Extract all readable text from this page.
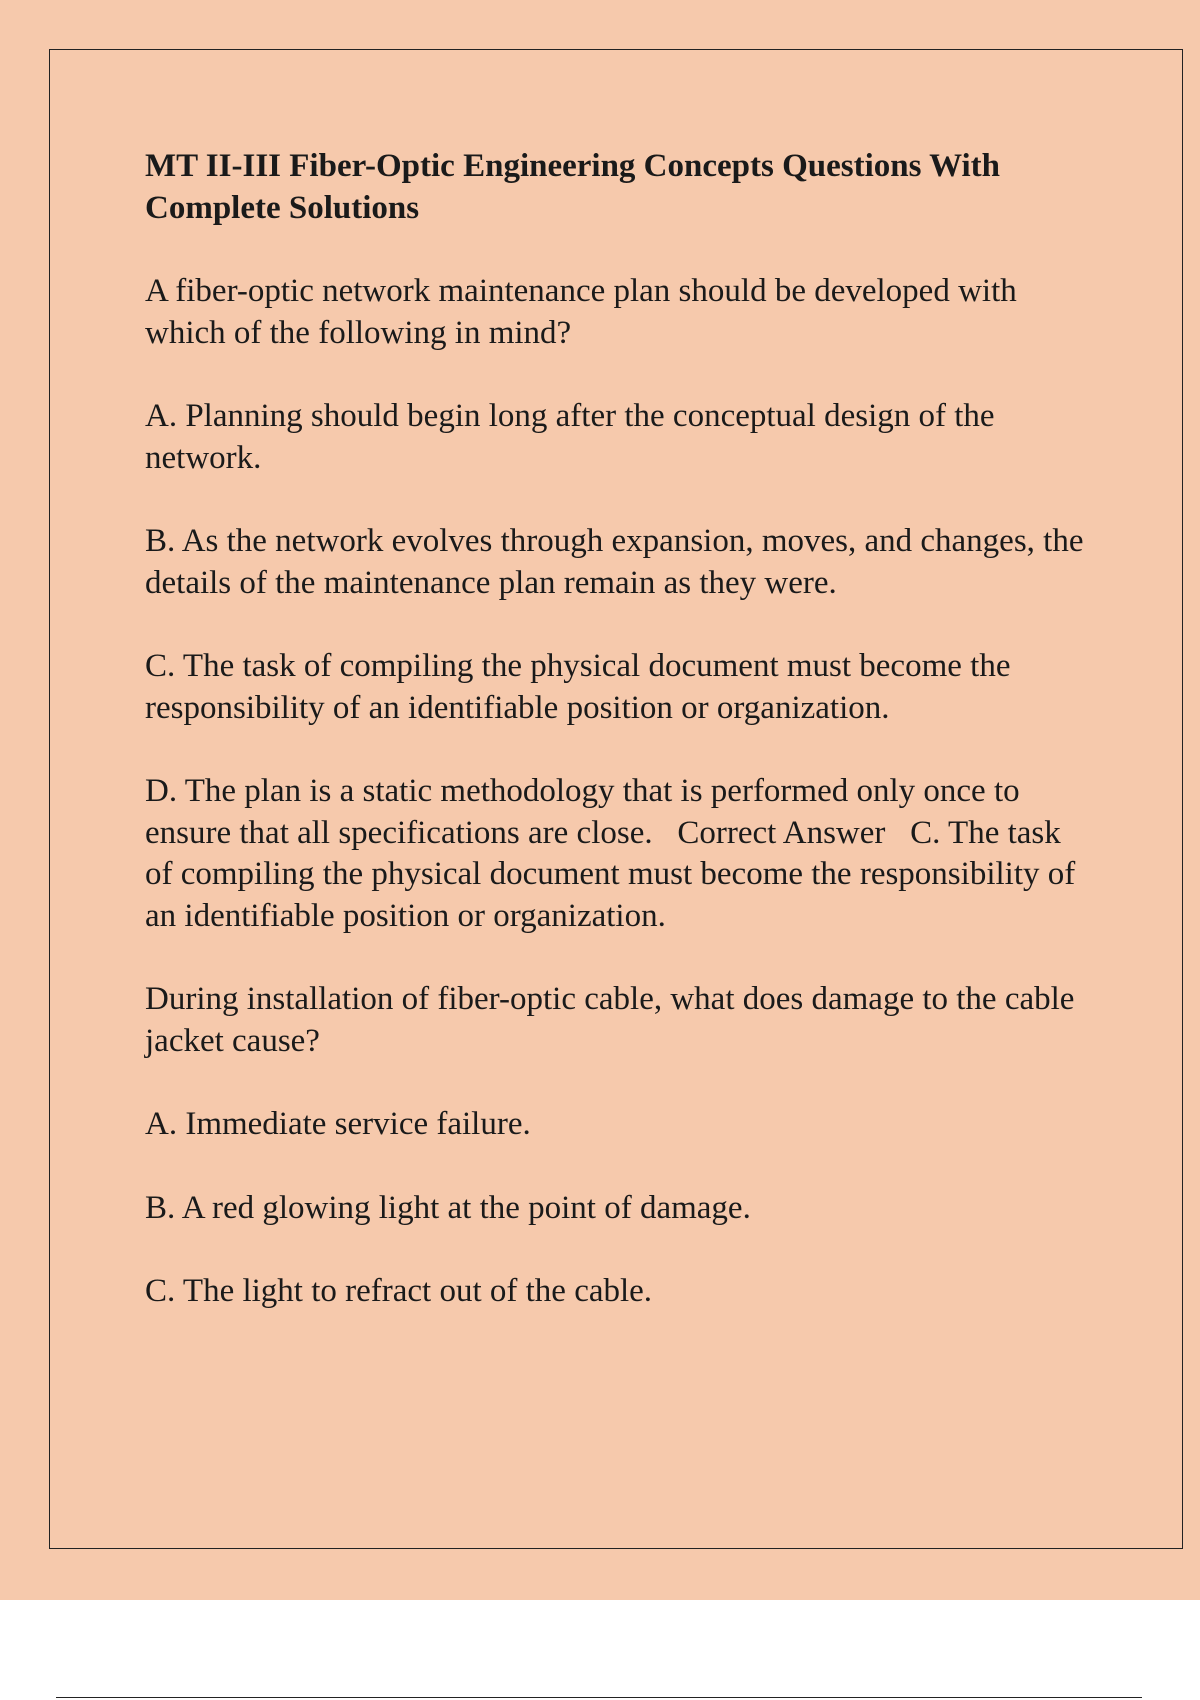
MT II-III Fiber-Optic Engineering Concepts Questions With Complete Solutions

A fiber-optic network maintenance plan should be developed with which of the following in mind?

A. Planning should begin long after the conceptual design of the network.

B. As the network evolves through expansion, moves, and changes, the details of the maintenance plan remain as they were.

C. The task of compiling the physical document must become the responsibility of an identifiable position or organization.

D. The plan is a static methodology that is performed only once to ensure that all specifications are close.   Correct Answer   C. The task of compiling the physical document must become the responsibility of an identifiable position or organization.

During installation of fiber-optic cable, what does damage to the cable jacket cause?

A. Immediate service failure.

B. A red glowing light at the point of damage.

C. The light to refract out of the cable.
